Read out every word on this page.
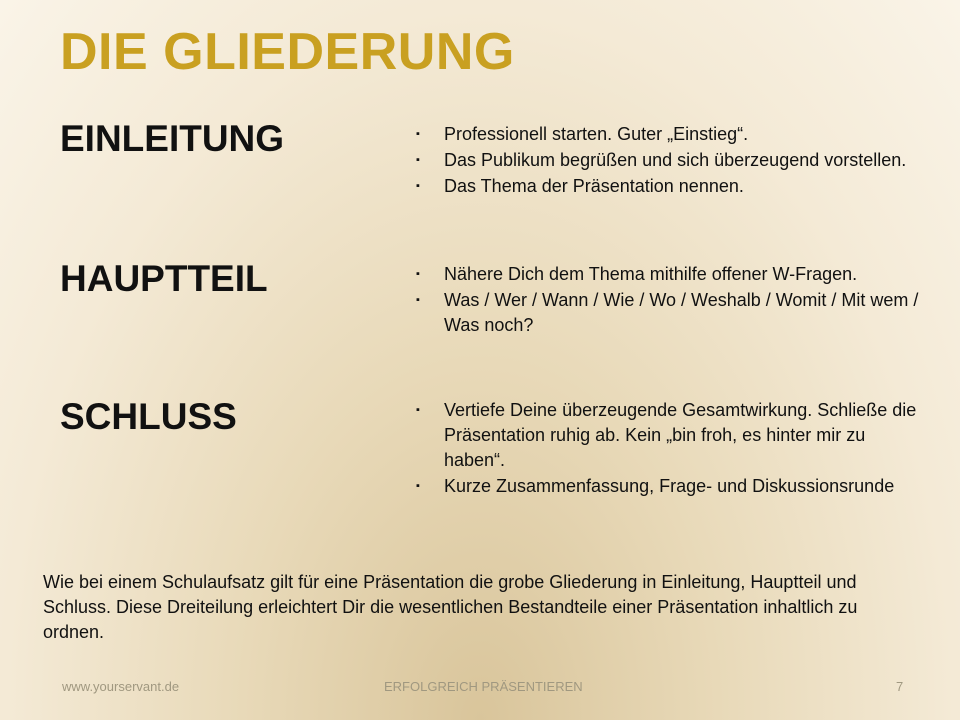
DIE GLIEDERUNG
EINLEITUNG	▪ Professionell starten. Guter „Einstieg“.
▪ Das Publikum begrüßen und sich überzeugend vorstellen.
▪ Das Thema der Präsentation nennen.
HAUPTTEIL	▪ Nähere Dich dem Thema mithilfe offener W-Fragen.
▪ Was / Wer / Wann / Wie / Wo / Weshalb / Womit / Mit wem / Was noch?
SCHLUSS	▪ Vertiefe Deine überzeugende Gesamtwirkung. Schließe die Präsentation ruhig ab. Kein „bin froh, es hinter mir zu haben“.
▪ Kurze Zusammenfassung, Frage- und Diskussionsrunde

Wie bei einem Schulaufsatz gilt für eine Präsentation die grobe Gliederung in Einleitung, Hauptteil und Schluss. Diese Dreiteilung erleichtert Dir die wesentlichen Bestandteile einer Präsentation inhaltlich zu ordnen.

www.yourservant.de	ERFOLGREICH PRÄSENTIEREN	7
